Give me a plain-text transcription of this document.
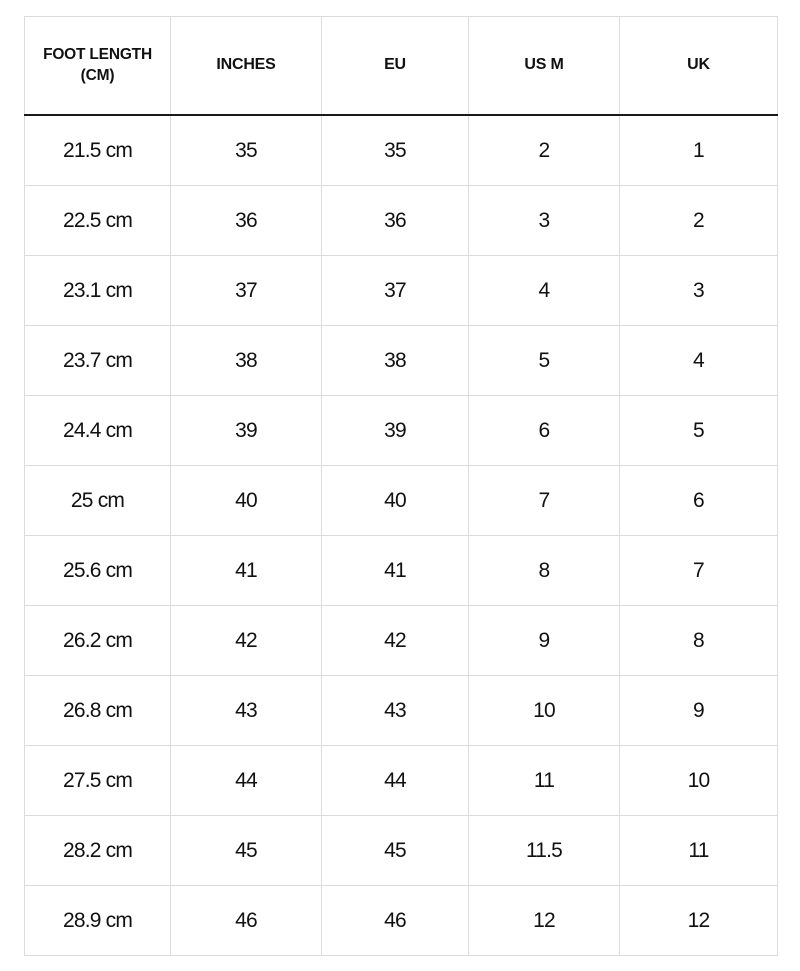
FOOT LENGTH (CM)	INCHES	EU	US M	UK
21.5 cm	35	35	2	1
22.5 cm	36	36	3	2
23.1 cm	37	37	4	3
23.7 cm	38	38	5	4
24.4 cm	39	39	6	5
25 cm	40	40	7	6
25.6 cm	41	41	8	7
26.2 cm	42	42	9	8
26.8 cm	43	43	10	9
27.5 cm	44	44	11	10
28.2 cm	45	45	11.5	11
28.9 cm	46	46	12	12
